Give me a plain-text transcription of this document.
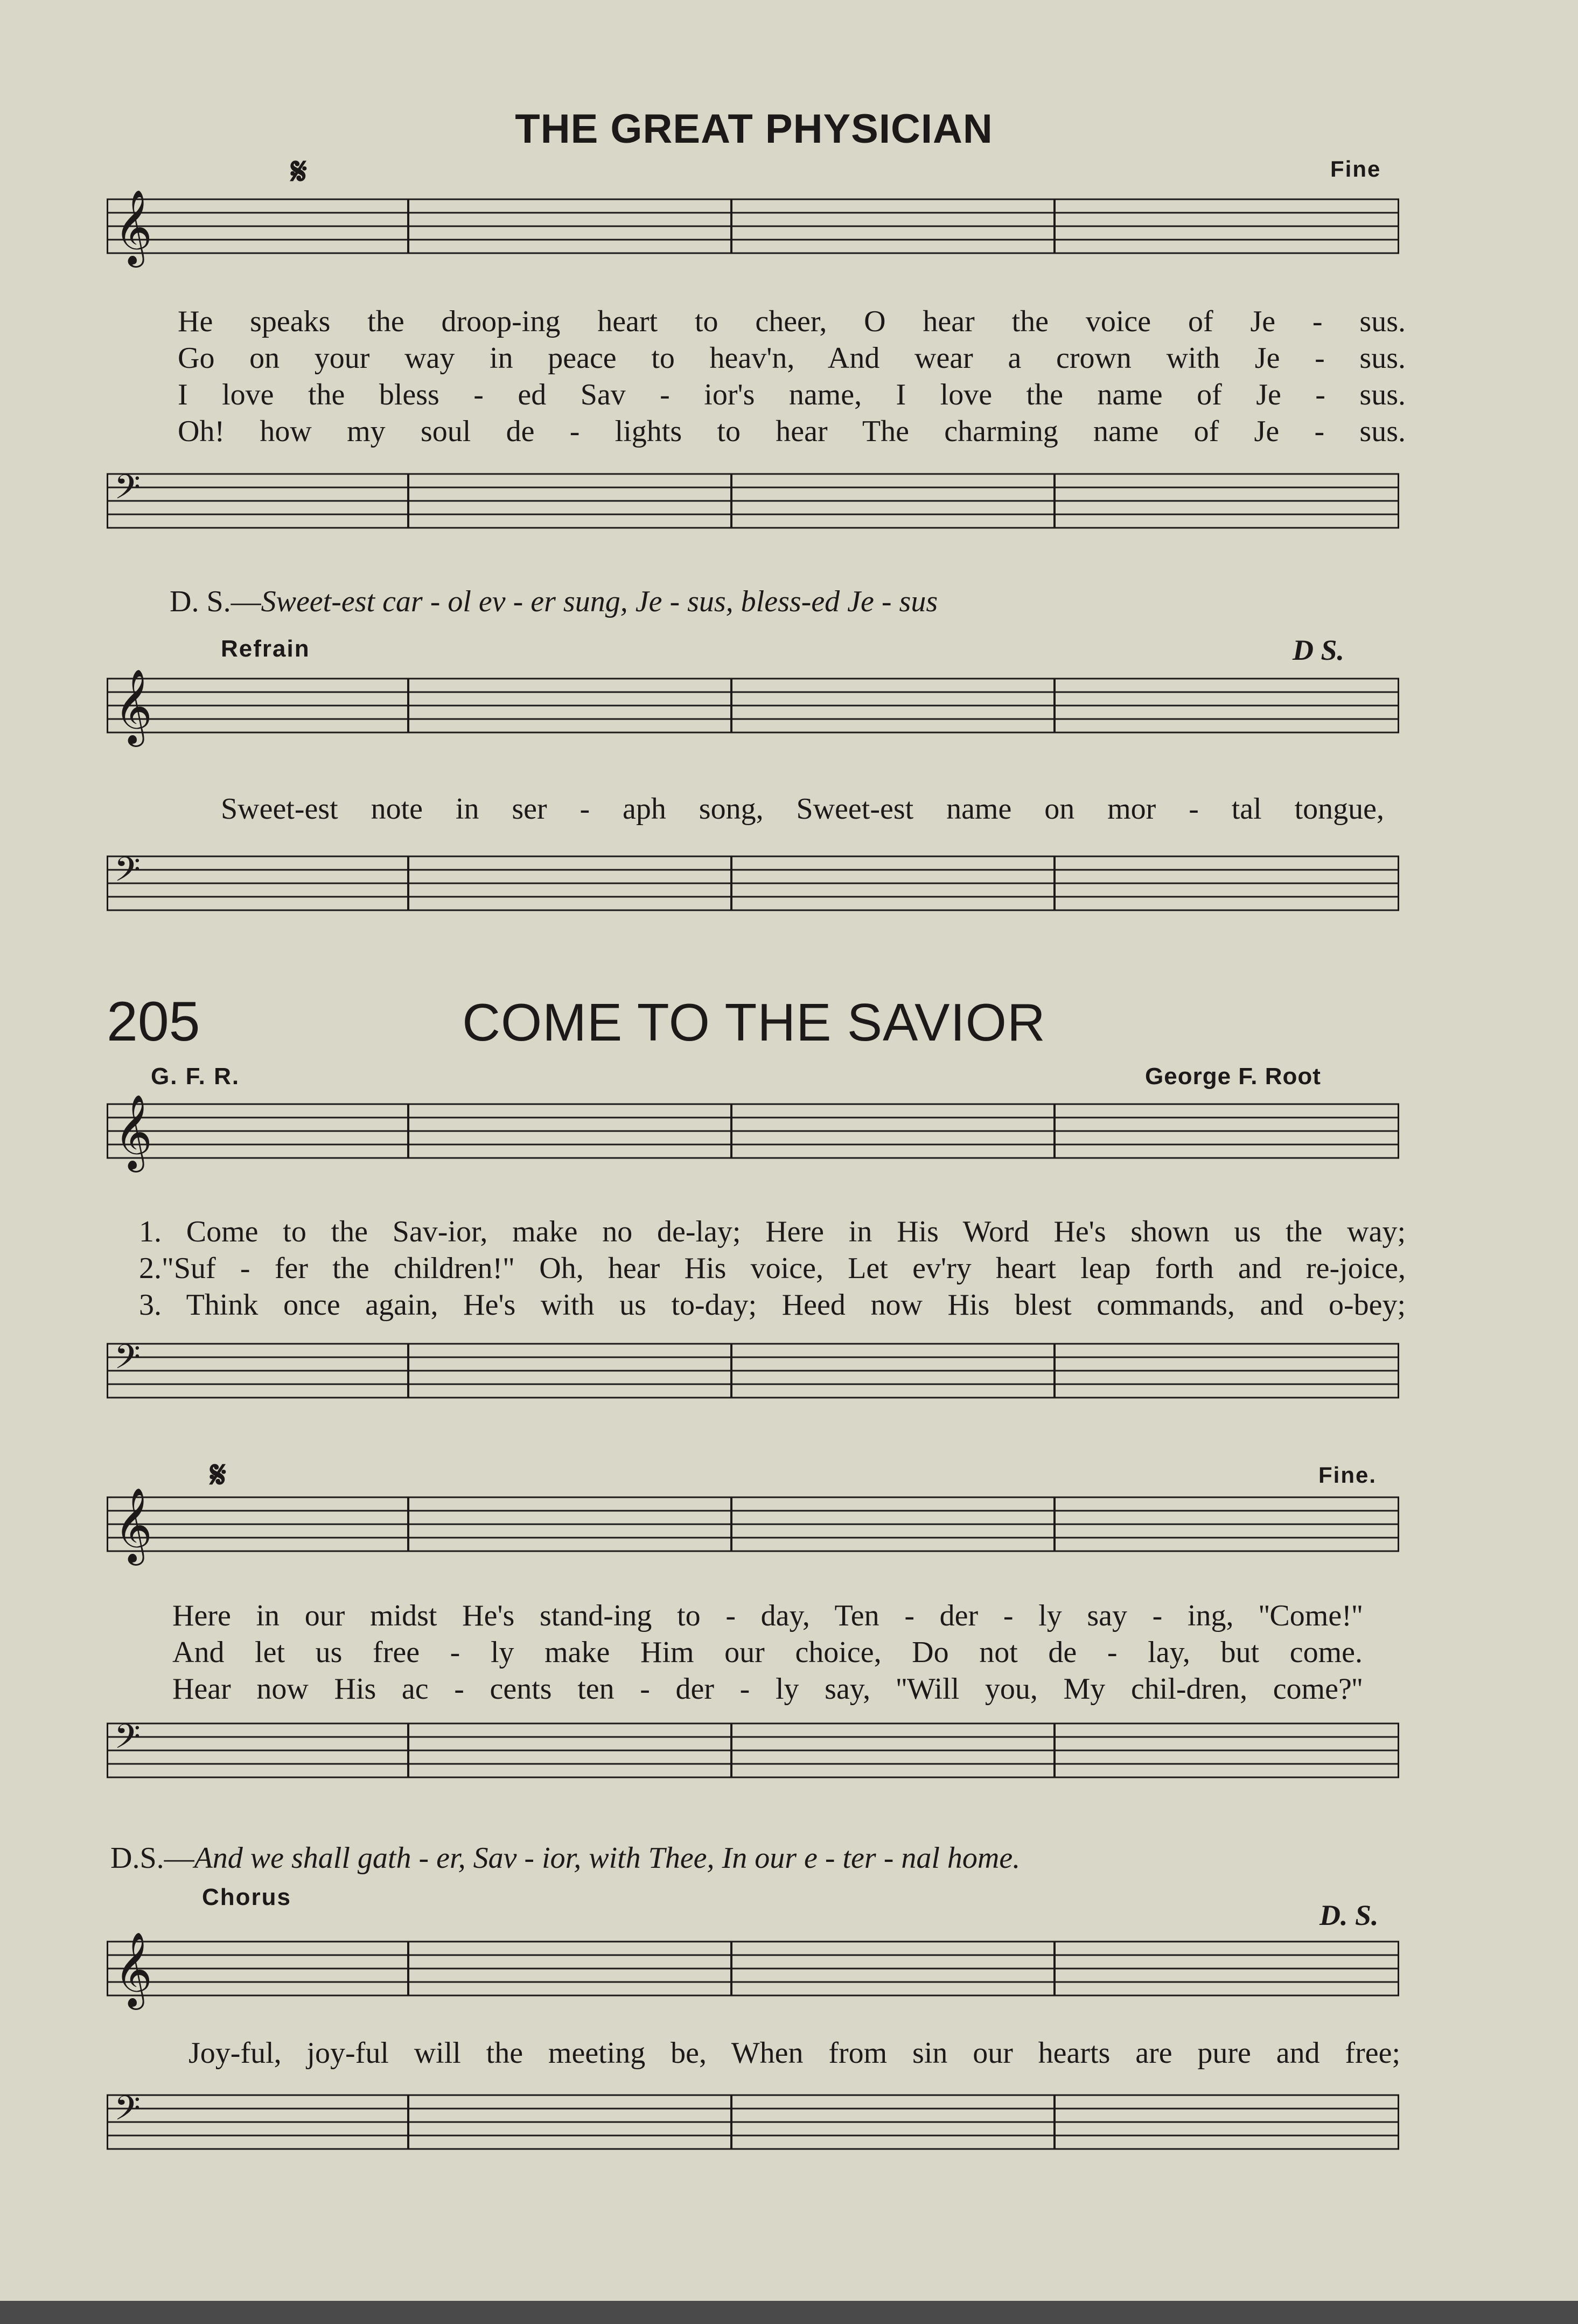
THE GREAT PHYSICIAN
Fine
𝄋
𝄞
He speaks the droop-ing heart to cheer, O hear the voice of Je - sus.
Go on your way in peace to heav'n, And wear a crown with Je - sus.
I love the bless - ed Sav - ior's name, I love the name of Je - sus.
Oh! how my soul de - lights to hear The charming name of Je - sus.
𝄢
D. S.—Sweet-est car - ol ev - er sung, Je - sus, bless-ed Je - sus
Refrain	D S.
𝄞
Sweet-est note in ser - aph song, Sweet-est name on mor - tal tongue,
𝄢
205	COME TO THE SAVIOR
G. F. R.	George F. Root
𝄞
1. Come to the Sav-ior, make no de-lay; Here in His Word He's shown us the way;
2."Suf - fer the children!" Oh, hear His voice, Let ev'ry heart leap forth and re-joice,
3. Think once again, He's with us to-day; Heed now His blest commands, and o-bey;
𝄢
𝄋	Fine.
𝄞
Here in our midst He's stand-ing to - day, Ten - der - ly say - ing, ''Come!''
And let us free - ly make Him our choice, Do not de - lay, but come.
Hear now His ac - cents ten - der - ly say, ''Will you, My chil-dren, come?''
𝄢
D.S.—And we shall gath - er, Sav - ior, with Thee, In our e - ter - nal home.
Chorus
D. S.
𝄞
Joy-ful, joy-ful will the meeting be, When from sin our hearts are pure and free;
𝄢
